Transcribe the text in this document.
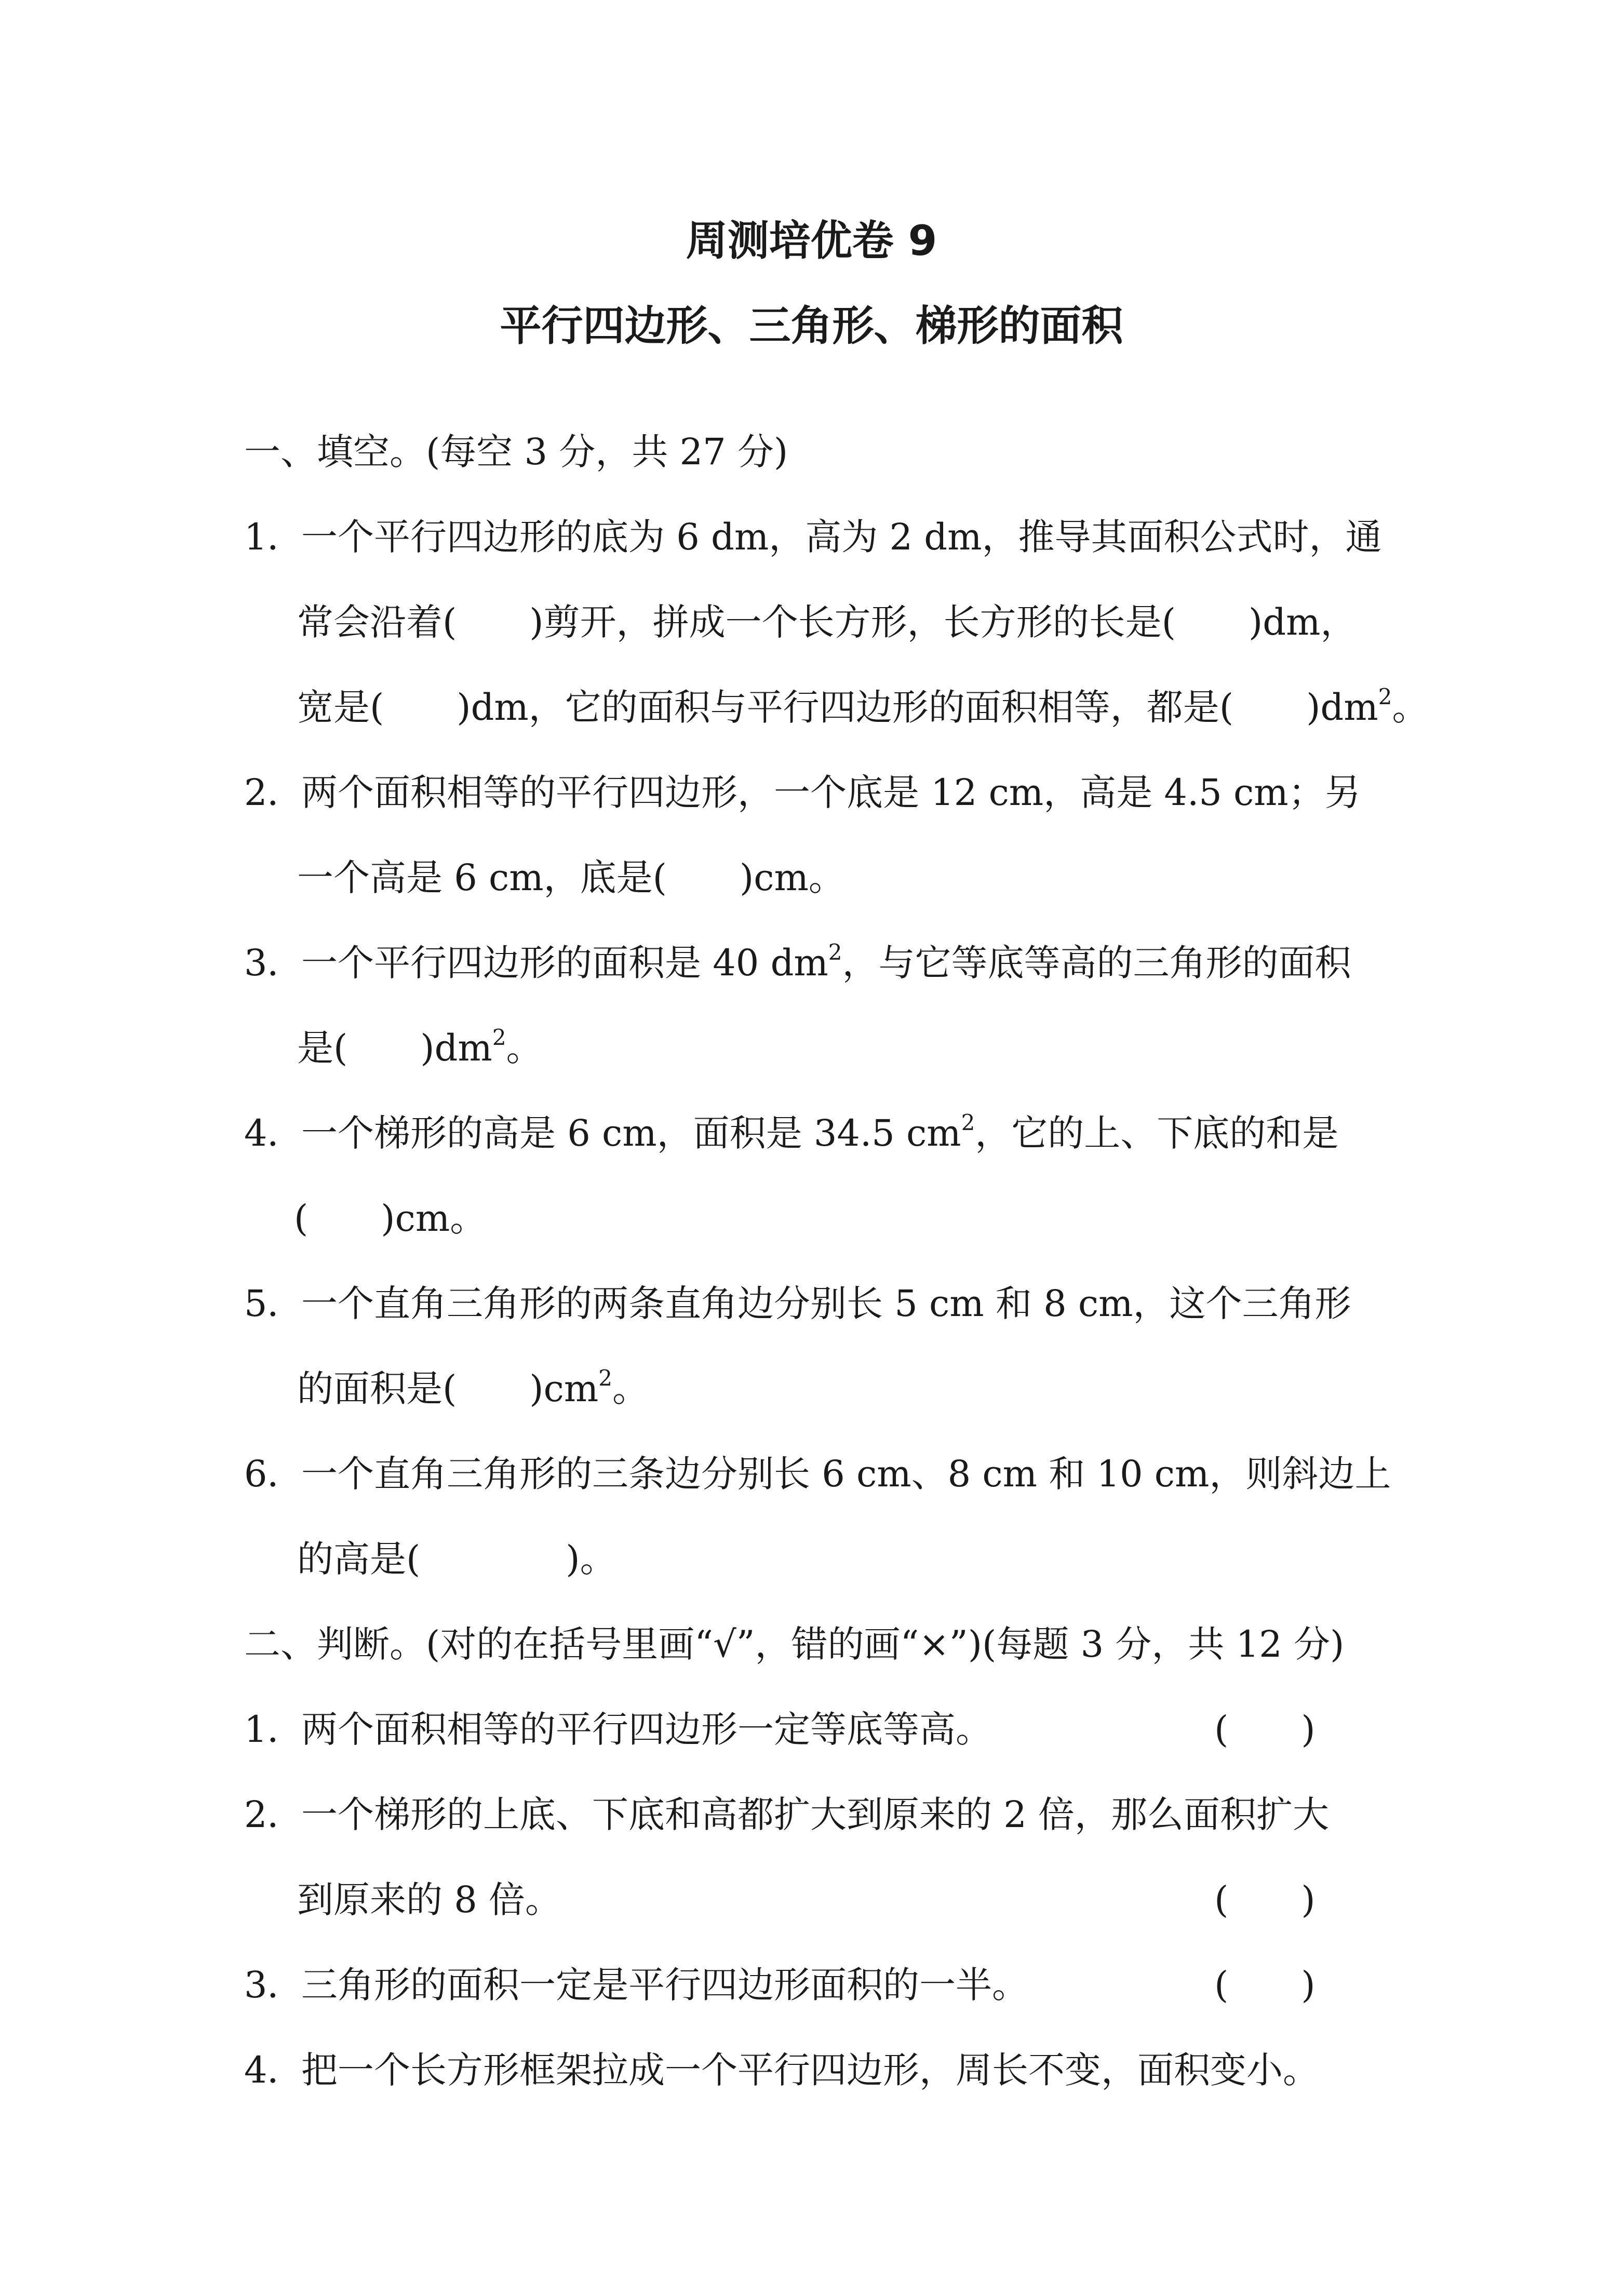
周测培优卷 9
平行四边形、三角形、梯形的面积
一、填空。(每空 3 分，共 27 分)
1．一个平行四边形的底为 6 dm，高为 2 dm，推导其面积公式时，通
常会沿着(　　)剪开，拼成一个长方形，长方形的长是(　　)dm，
宽是(　　)dm，它的面积与平行四边形的面积相等，都是(　　)$dm^2$。
2．两个面积相等的平行四边形，一个底是 12 cm，高是 4.5 cm；另
一个高是 6 cm，底是(　　)cm。
3．一个平行四边形的面积是 40 $dm^2$，与它等底等高的三角形的面积
是(　　)$dm^2$。
4．一个梯形的高是 6 cm，面积是 34.5 $cm^2$，它的上、下底的和是
(　　)cm。
5．一个直角三角形的两条直角边分别长 5 cm 和 8 cm，这个三角形
的面积是(　　)$cm^2$。
6．一个直角三角形的三条边分别长 6 cm、8 cm 和 10 cm，则斜边上
的高是(　　　　)。
二、判断。(对的在括号里画“√”，错的画“×”)(每题 3 分，共 12 分)
1．两个面积相等的平行四边形一定等底等高。	(　　)
2．一个梯形的上底、下底和高都扩大到原来的 2 倍，那么面积扩大
到原来的 8 倍。	(　　)
3．三角形的面积一定是平行四边形面积的一半。	(　　)
4．把一个长方形框架拉成一个平行四边形，周长不变，面积变小。
